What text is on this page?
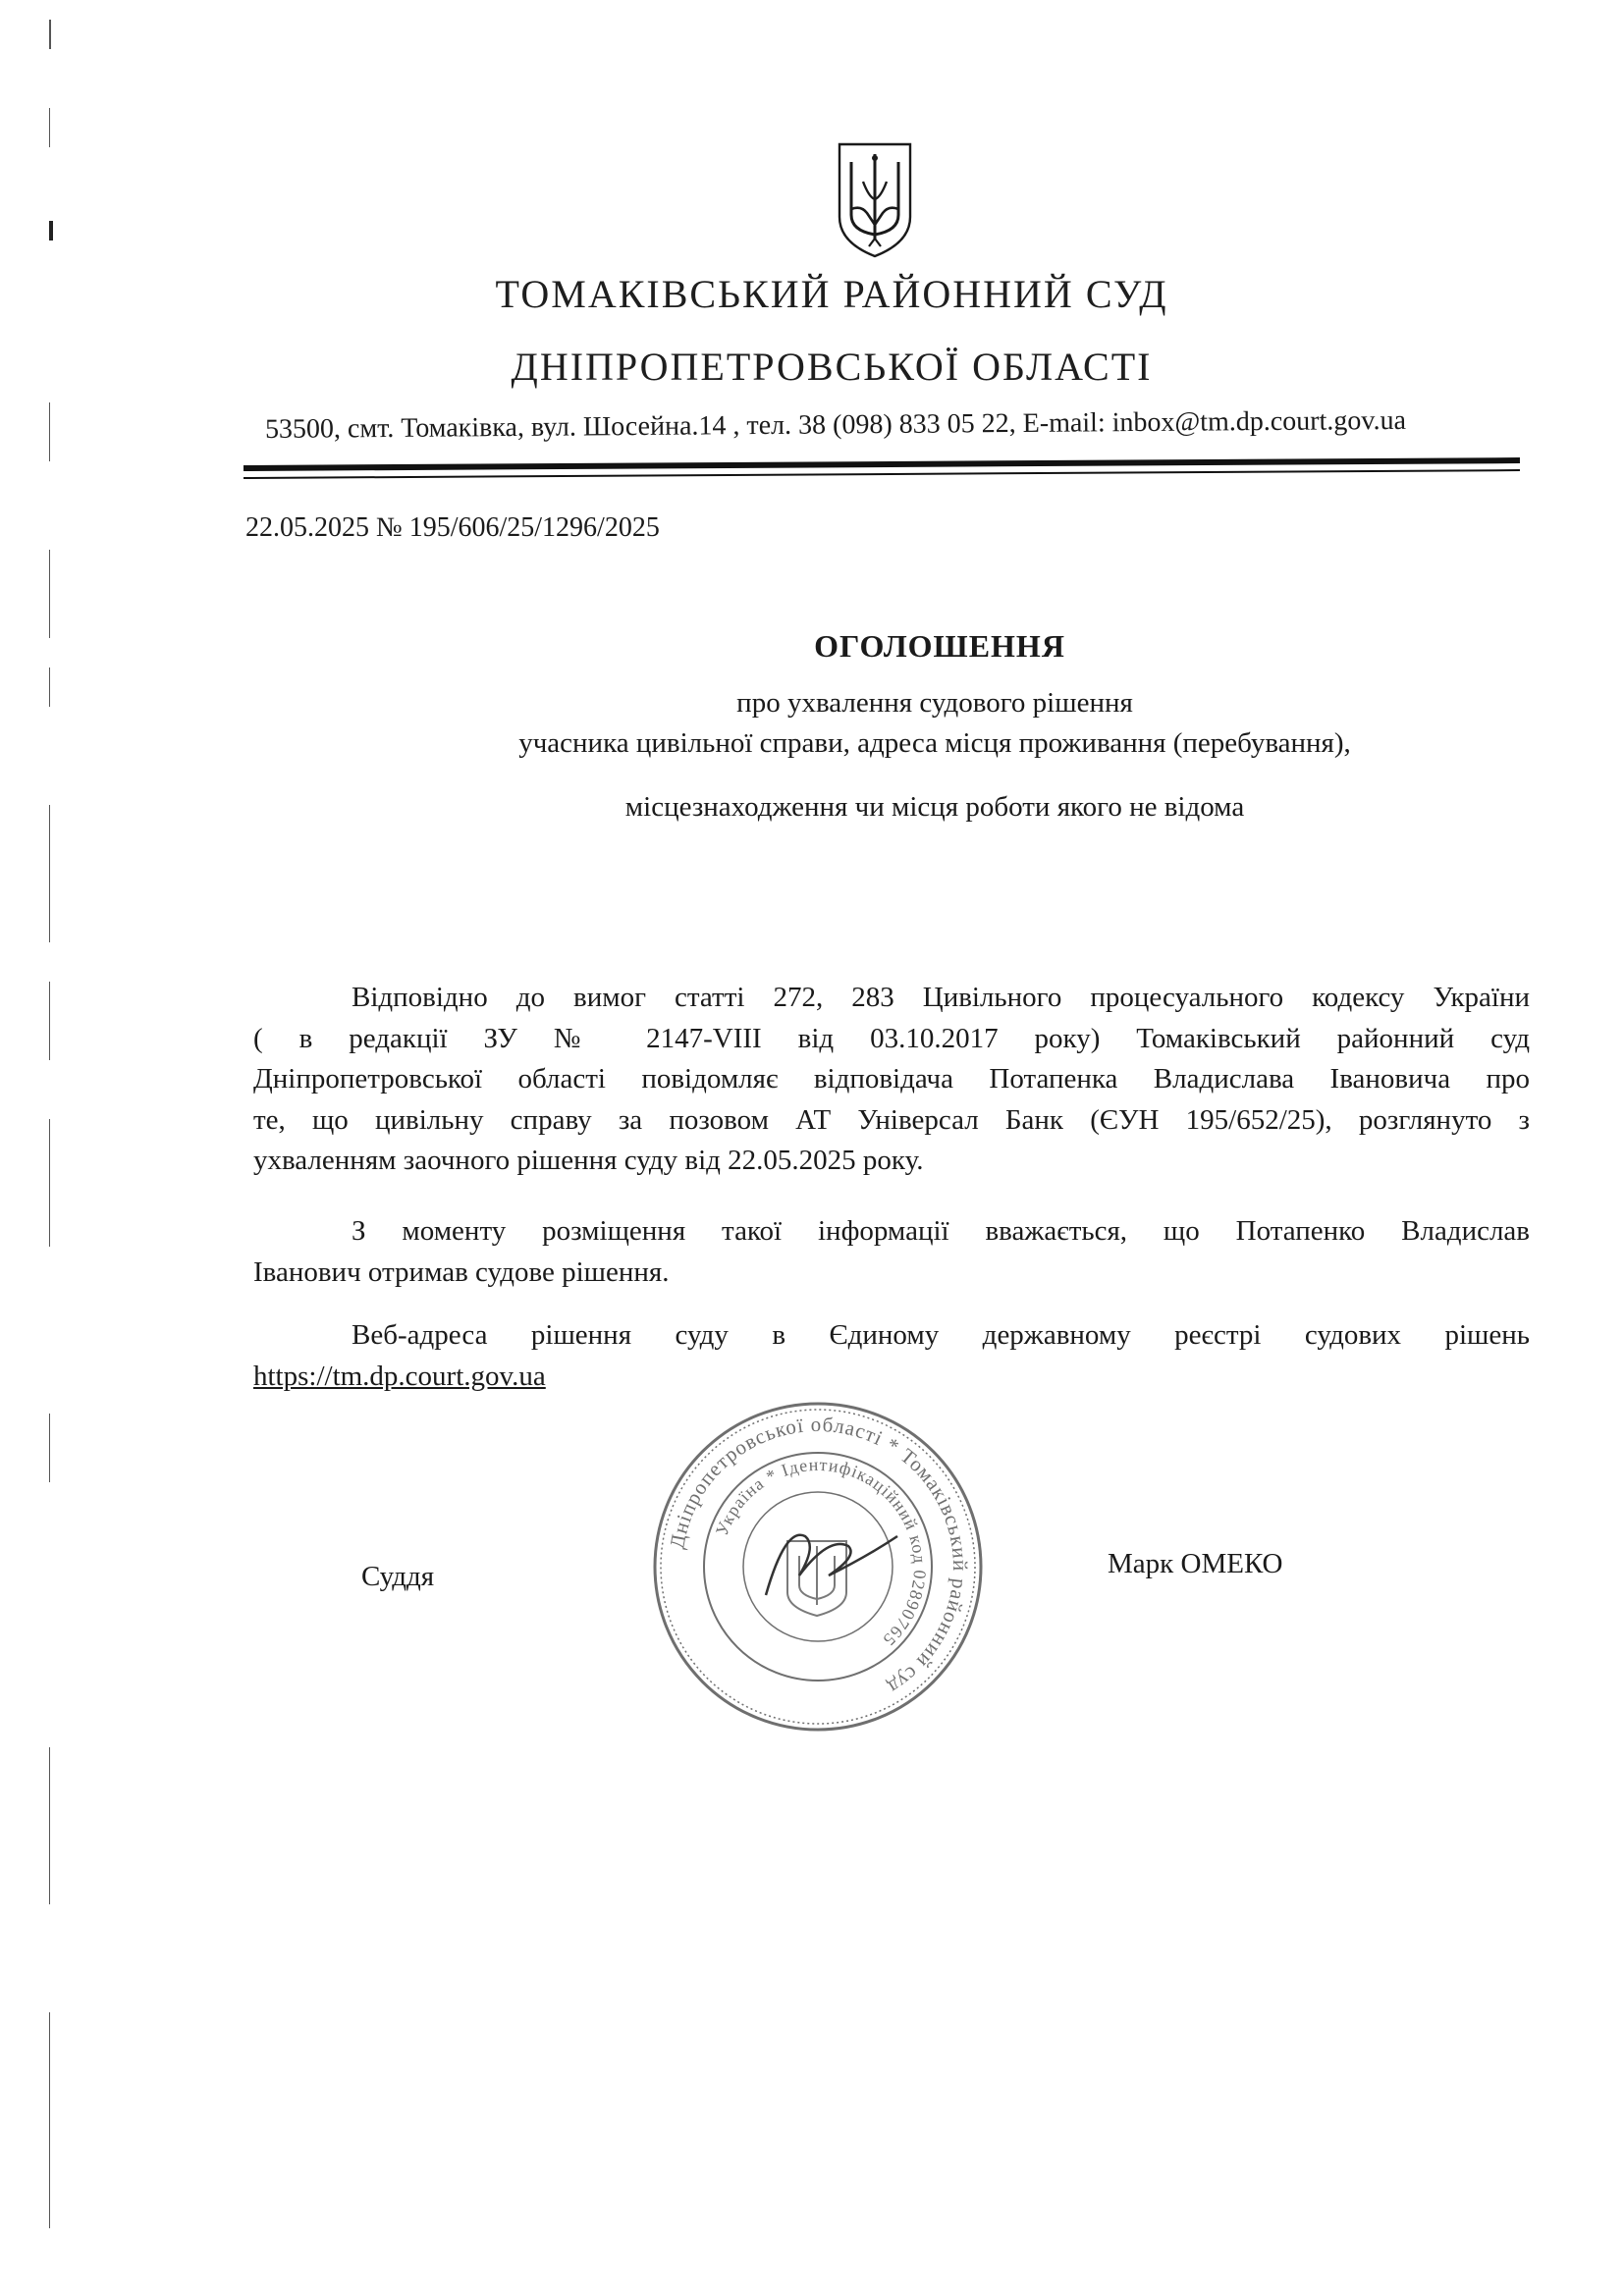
ТОМАКІВСЬКИЙ РАЙОННИЙ СУД
ДНІПРОПЕТРОВСЬКОЇ ОБЛАСТІ
53500, смт. Томаківка, вул. Шосейна.14 , тел. 38 (098) 833 05 22, E-mail: inbox@tm.dp.court.gov.ua
22.05.2025 № 195/606/25/1296/2025
ОГОЛОШЕННЯ
про ухвалення судового рішення
учасника цивільної справи, адреса місця проживання (перебування),
місцезнаходження чи місця роботи якого не відома
Відповідно до вимог статті 272, 283 Цивільного процесуального кодексу України
( в редакції ЗУ № 2147-VIII від 03.10.2017 року) Томаківський районний суд
Дніпропетровської області повідомляє відповідача Потапенка Владислава Івановича про
те, що цивільну справу за позовом АТ Універсал Банк (ЄУН 195/652/25), розглянуто з
ухваленням заочного рішення суду від 22.05.2025 року.
З моменту розміщення такої інформації вважається, що Потапенко Владислав
Іванович отримав судове рішення.
Веб-адреса рішення суду в Єдиному державному реєстрі судових рішень
https://tm.dp.court.gov.ua
Дніпропетровської області * Томаківський районний суд
Україна * Ідентифікаційний код 02890765
Суддя	Марк ОМЕКО
